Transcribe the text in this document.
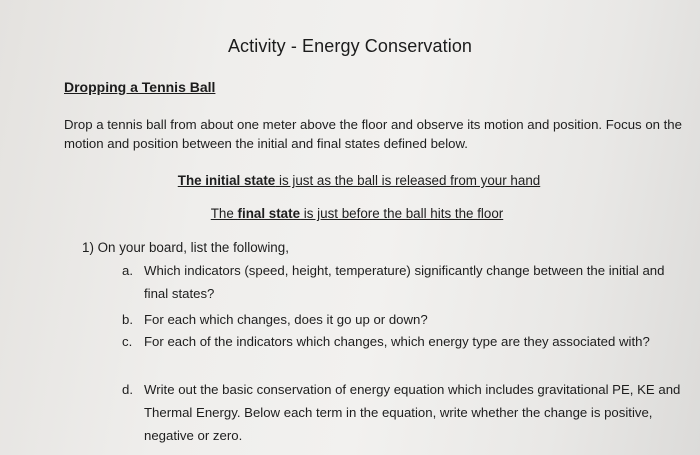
Activity - Energy Conservation
Dropping a Tennis Ball
Drop a tennis ball from about one meter above the floor and observe its motion and position. Focus on the motion and position between the initial and final states defined below.
The initial state is just as the ball is released from your hand
The final state is just before the ball hits the floor
1) On your board, list the following,
a. Which indicators (speed, height, temperature) significantly change between the initial and final states?
b. For each which changes, does it go up or down?
c. For each of the indicators which changes, which energy type are they associated with?
d. Write out the basic conservation of energy equation which includes gravitational PE, KE and Thermal Energy. Below each term in the equation, write whether the change is positive, negative or zero.
